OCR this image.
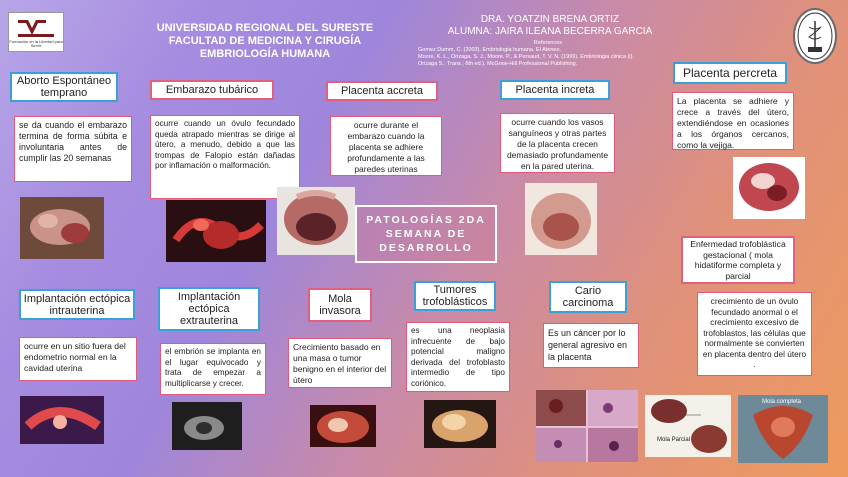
Formación en la Libertad para Servir
UNIVERSIDAD REGIONAL DEL SURESTE
FACULTAD DE MEDICINA Y CIRUGÍA
EMBRIOLOGÍA HUMANA
DRA. YOATZIN BRENA ORTIZ
ALUMNA: JAIRA ILEANA BECERRA GARCIA
References
Gomez Dumm, C. (2003). Embriologia humana. El Ateneo.
Moore, K. L., Orizaga, S. J., Moore, P., & Persaud, T. V. N. (1999). Embriologia clinica (i).
Orizaga S.; Trans.; 6th ed.). McGraw-Hill Professional Publishing.
Aborto Espontáneo temprano
se da cuando el embarazo termina de forma súbita e involuntaria antes de cumplir las 20 semanas
Embarazo tubárico
ocurre cuando un óvulo fecundado queda atrapado mientras se dirige al útero, a menudo, debido a que las trompas de Falopio están dañadas por inflamación o malformación.
Placenta accreta
ocurre durante el embarazo cuando la placenta se adhiere profundamente a las paredes uterinas
Placenta increta
ocurre cuando los vasos sanguíneos y otras partes de la placenta crecen demasiado profundamente en la pared uterina.
Placenta percreta
La placenta se adhiere y crece a través del útero, extendiéndose en ocasiones a los órganos cercanos, como la vejiga.
PATOLOGÍAS 2DA SEMANA DE DESARROLLO
Implantación ectópica intrauterina
ocurre en un sitio fuera del endometrio normal en la cavidad uterina
Implantación ectópica extrauterina
el embrión se implanta en el lugar equivocado y trata de empezar a multiplicarse y crecer.
Mola invasora
Crecimiento basado en una masa o tumor benigno en el interior del útero
Tumores trofoblásticos
es una neoplasia infrecuente de bajo potencial maligno derivada del trofoblasto intermedio de tipo coriónico.
Cario carcinoma
Es un cáncer por lo general agresivo en la placenta
Enfermedad trofoblástica gestacional ( mola hidatiforme completa y parcial
crecimiento de un óvulo fecundado anormal o el crecimiento excesivo de trofoblastos, las células que normalmente se convierten en placenta dentro del útero .
Mola Parcial
Mola completa
